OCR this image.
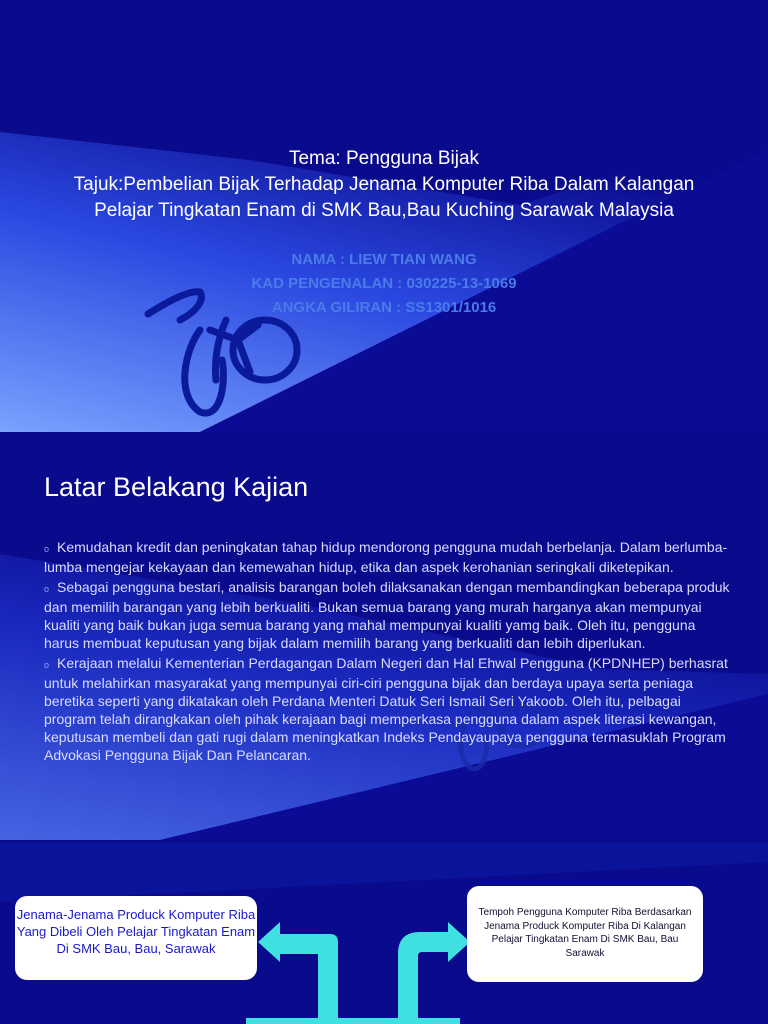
Tema: Pengguna Bijak
Tajuk:Pembelian Bijak Terhadap Jenama Komputer Riba Dalam Kalangan
Pelajar Tingkatan Enam di SMK Bau,Bau Kuching Sarawak Malaysia
NAMA : LIEW TIAN WANG
KAD PENGENALAN : 030225-13-1069
ANGKA GILIRAN : SS1301/1016
Latar Belakang Kajian

o Kemudahan kredit dan peningkatan tahap hidup mendorong pengguna mudah berbelanja. Dalam berlumba-lumba mengejar kekayaan dan kemewahan hidup, etika dan aspek kerohanian seringkali diketepikan.

o Sebagai pengguna bestari, analisis barangan boleh dilaksanakan dengan membandingkan beberapa produk dan memilih barangan yang lebih berkualiti. Bukan semua barang yang murah harganya akan mempunyai kualiti yang baik bukan juga semua barang yang mahal mempunyai kualiti yamg baik. Oleh itu, pengguna harus membuat keputusan yang bijak dalam memilih barang yang berkualiti dan lebih diperlukan.

o Kerajaan melalui Kementerian Perdagangan Dalam Negeri dan Hal Ehwal Pengguna (KPDNHEP) berhasrat untuk melahirkan masyarakat yang mempunyai ciri-ciri pengguna bijak dan berdaya upaya serta peniaga beretika seperti yang dikatakan oleh Perdana Menteri Datuk Seri Ismail Seri Yakoob. Oleh itu, pelbagai program telah dirangkakan oleh pihak kerajaan bagi memperkasa pengguna dalam aspek literasi kewangan, keputusan membeli dan gati rugi dalam meningkatkan Indeks Pendayaupaya pengguna termasuklah Program Advokasi Pengguna Bijak Dan Pelancaran.

Jenama-Jenama Produck Komputer Riba Yang Dibeli Oleh Pelajar Tingkatan Enam Di SMK Bau, Bau, Sarawak
Tempoh Pengguna Komputer Riba Berdasarkan Jenama Produck Komputer Riba Di Kalangan Pelajar Tingkatan Enam Di SMK Bau, Bau Sarawak
